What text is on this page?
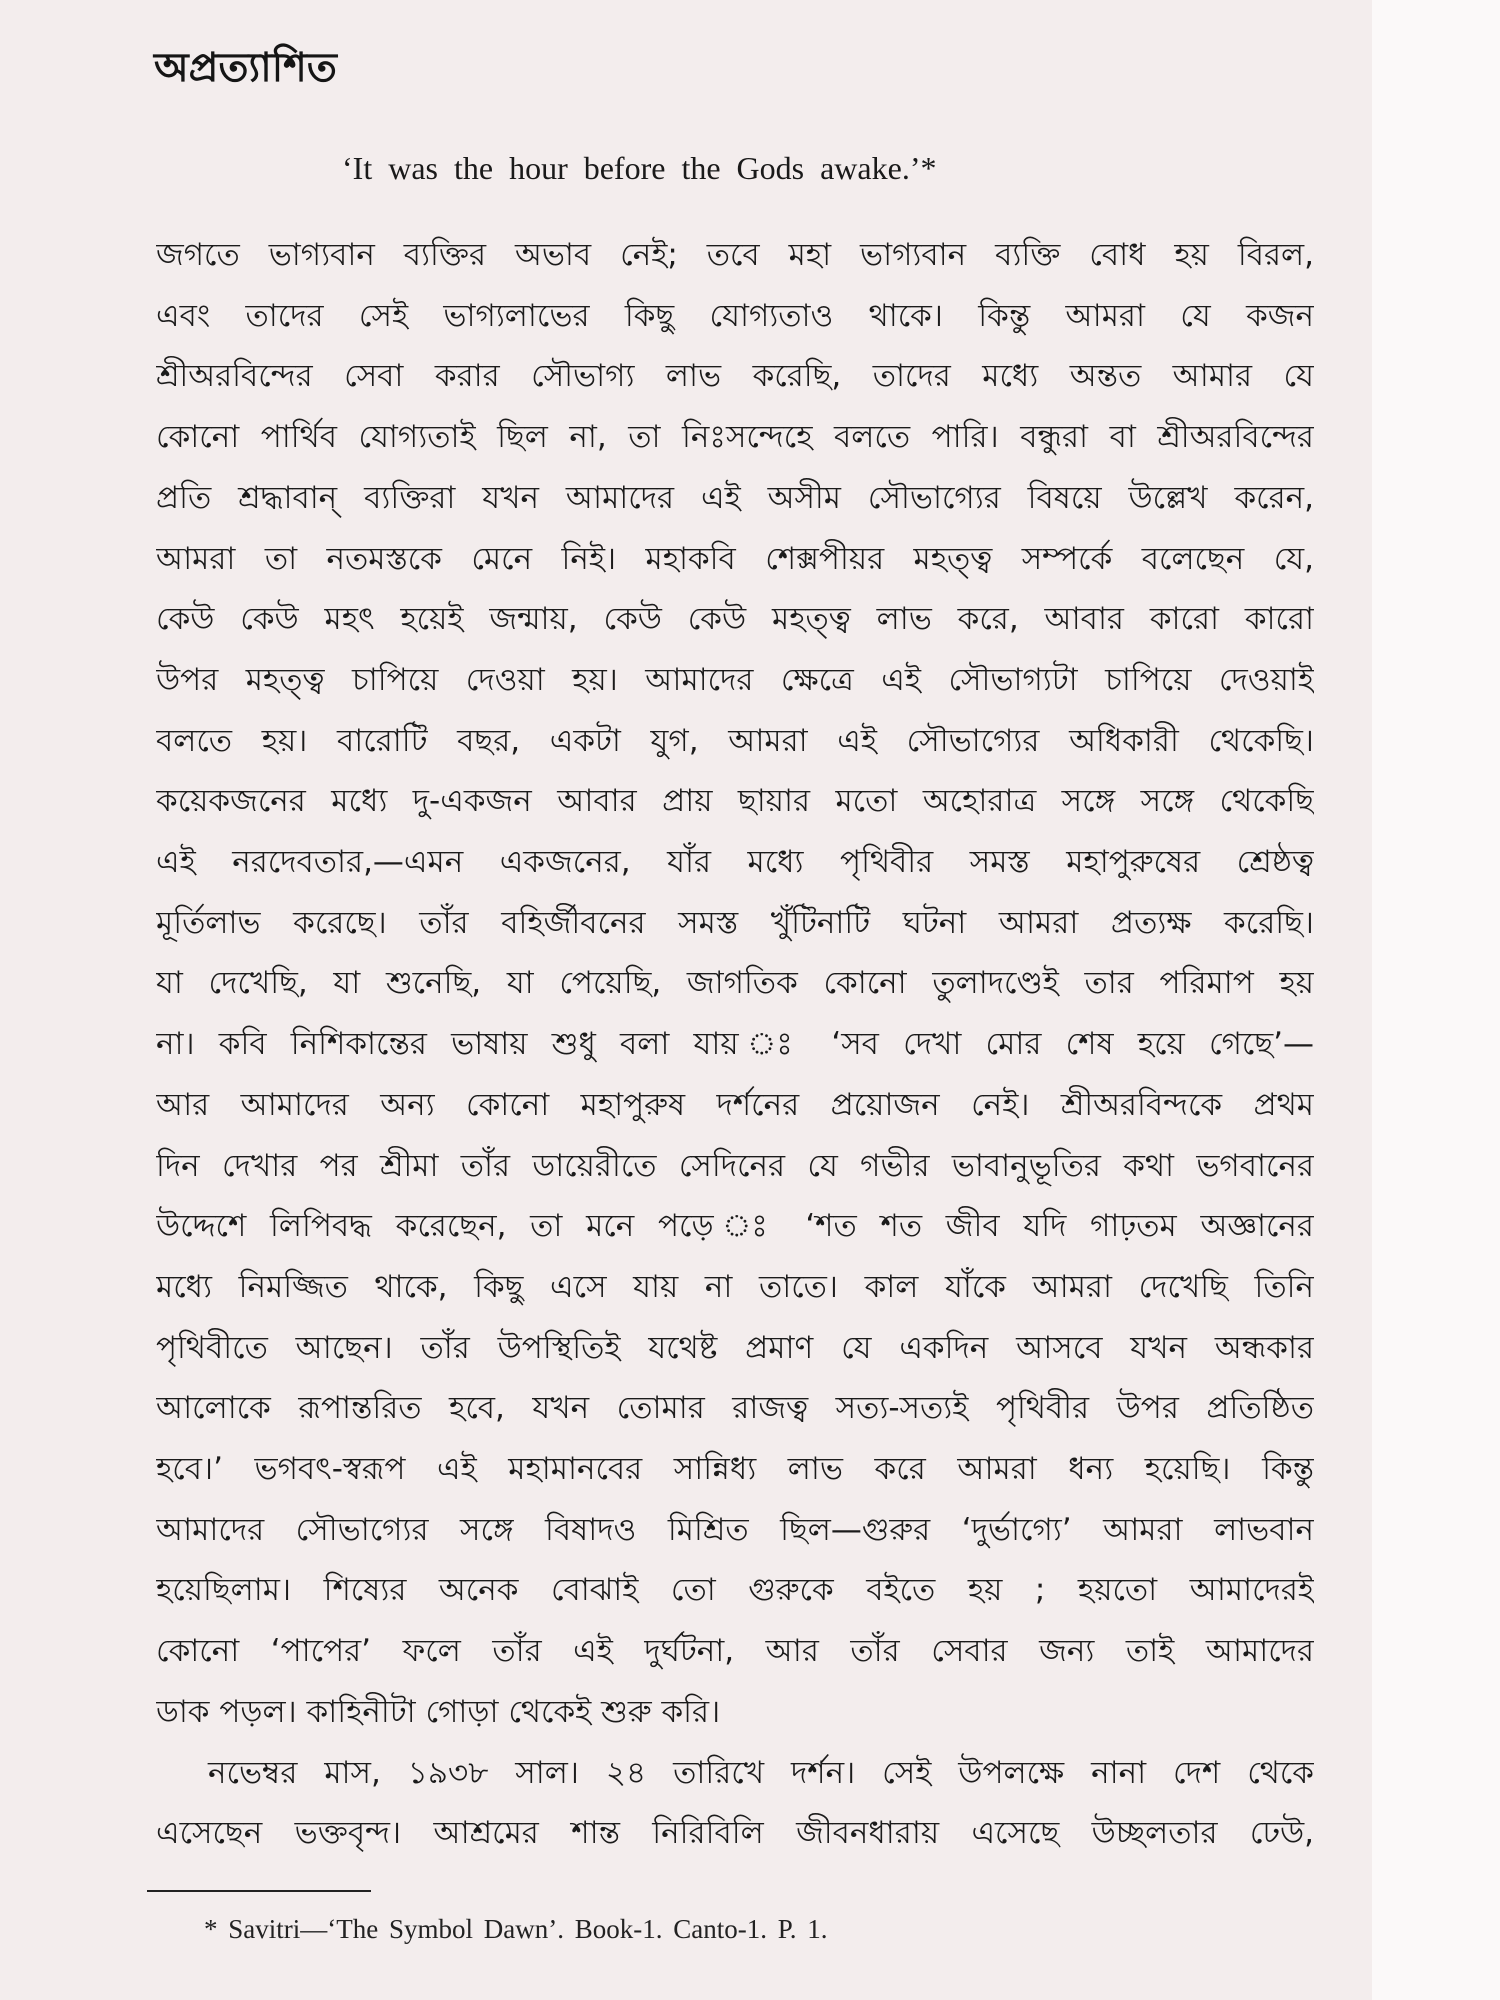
অপ্রত্যাশিত
‘It was the hour before the Gods awake.’*
জগতে ভাগ্যবান ব্যক্তির অভাব নেই; তবে মহা ভাগ্যবান ব্যক্তি বোধ হয় বিরল,
এবং তাদের সেই ভাগ্যলাভের কিছু যোগ্যতাও থাকে। কিন্তু আমরা যে কজন
শ্রীঅরবিন্দের সেবা করার সৌভাগ্য লাভ করেছি, তাদের মধ্যে অন্তত আমার যে
কোনো পার্থিব যোগ্যতাই ছিল না, তা নিঃসন্দেহে বলতে পারি। বন্ধুরা বা শ্রীঅরবিন্দের
প্রতি শ্রদ্ধাবান্ ব্যক্তিরা যখন আমাদের এই অসীম সৌভাগ্যের বিষয়ে উল্লেখ করেন,
আমরা তা নতমস্তকে মেনে নিই। মহাকবি শেক্সপীয়র মহত্ত্ব সম্পর্কে বলেছেন যে,
কেউ কেউ মহৎ হয়েই জন্মায়, কেউ কেউ মহত্ত্ব লাভ করে, আবার কারো কারো
উপর মহত্ত্ব চাপিয়ে দেওয়া হয়। আমাদের ক্ষেত্রে এই সৌভাগ্যটা চাপিয়ে দেওয়াই
বলতে হয়। বারোটি বছর, একটা যুগ, আমরা এই সৌভাগ্যের অধিকারী থেকেছি।
কয়েকজনের মধ্যে দু-একজন আবার প্রায় ছায়ার মতো অহোরাত্র সঙ্গে সঙ্গে থেকেছি
এই নরদেবতার,—এমন একজনের, যাঁর মধ্যে পৃথিবীর সমস্ত মহাপুরুষের শ্রেষ্ঠত্ব
মূর্তিলাভ করেছে। তাঁর বহির্জীবনের সমস্ত খুঁটিনাটি ঘটনা আমরা প্রত্যক্ষ করেছি।
যা দেখেছি, যা শুনেছি, যা পেয়েছি, জাগতিক কোনো তুলাদণ্ডেই তার পরিমাপ হয়
না। কবি নিশিকান্তের ভাষায় শুধু বলা যায় ঃ ‘সব দেখা মোর শেষ হয়ে গেছে’—
আর আমাদের অন্য কোনো মহাপুরুষ দর্শনের প্রয়োজন নেই। শ্রীঅরবিন্দকে প্রথম
দিন দেখার পর শ্রীমা তাঁর ডায়েরীতে সেদিনের যে গভীর ভাবানুভূতির কথা ভগবানের
উদ্দেশে লিপিবদ্ধ করেছেন, তা মনে পড়ে ঃ ‘শত শত জীব যদি গাঢ়তম অজ্ঞানের
মধ্যে নিমজ্জিত থাকে, কিছু এসে যায় না তাতে। কাল যাঁকে আমরা দেখেছি তিনি
পৃথিবীতে আছেন। তাঁর উপস্থিতিই যথেষ্ট প্রমাণ যে একদিন আসবে যখন অন্ধকার
আলোকে রূপান্তরিত হবে, যখন তোমার রাজত্ব সত্য-সত্যই পৃথিবীর উপর প্রতিষ্ঠিত
হবে।’ ভগবৎ-স্বরূপ এই মহামানবের সান্নিধ্য লাভ করে আমরা ধন্য হয়েছি। কিন্তু
আমাদের সৌভাগ্যের সঙ্গে বিষাদও মিশ্রিত ছিল—গুরুর ‘দুর্ভাগ্যে’ আমরা লাভবান
হয়েছিলাম। শিষ্যের অনেক বোঝাই তো গুরুকে বইতে হয় ; হয়তো আমাদেরই
কোনো ‘পাপের’ ফলে তাঁর এই দুর্ঘটনা, আর তাঁর সেবার জন্য তাই আমাদের
ডাক পড়ল। কাহিনীটা গোড়া থেকেই শুরু করি।
নভেম্বর মাস, ১৯৩৮ সাল। ২৪ তারিখে দর্শন। সেই উপলক্ষে নানা দেশ থেকে
এসেছেন ভক্তবৃন্দ। আশ্রমের শান্ত নিরিবিলি জীবনধারায় এসেছে উচ্ছলতার ঢেউ,
* Savitri—‘The Symbol Dawn’. Book-1. Canto-1. P. 1.
